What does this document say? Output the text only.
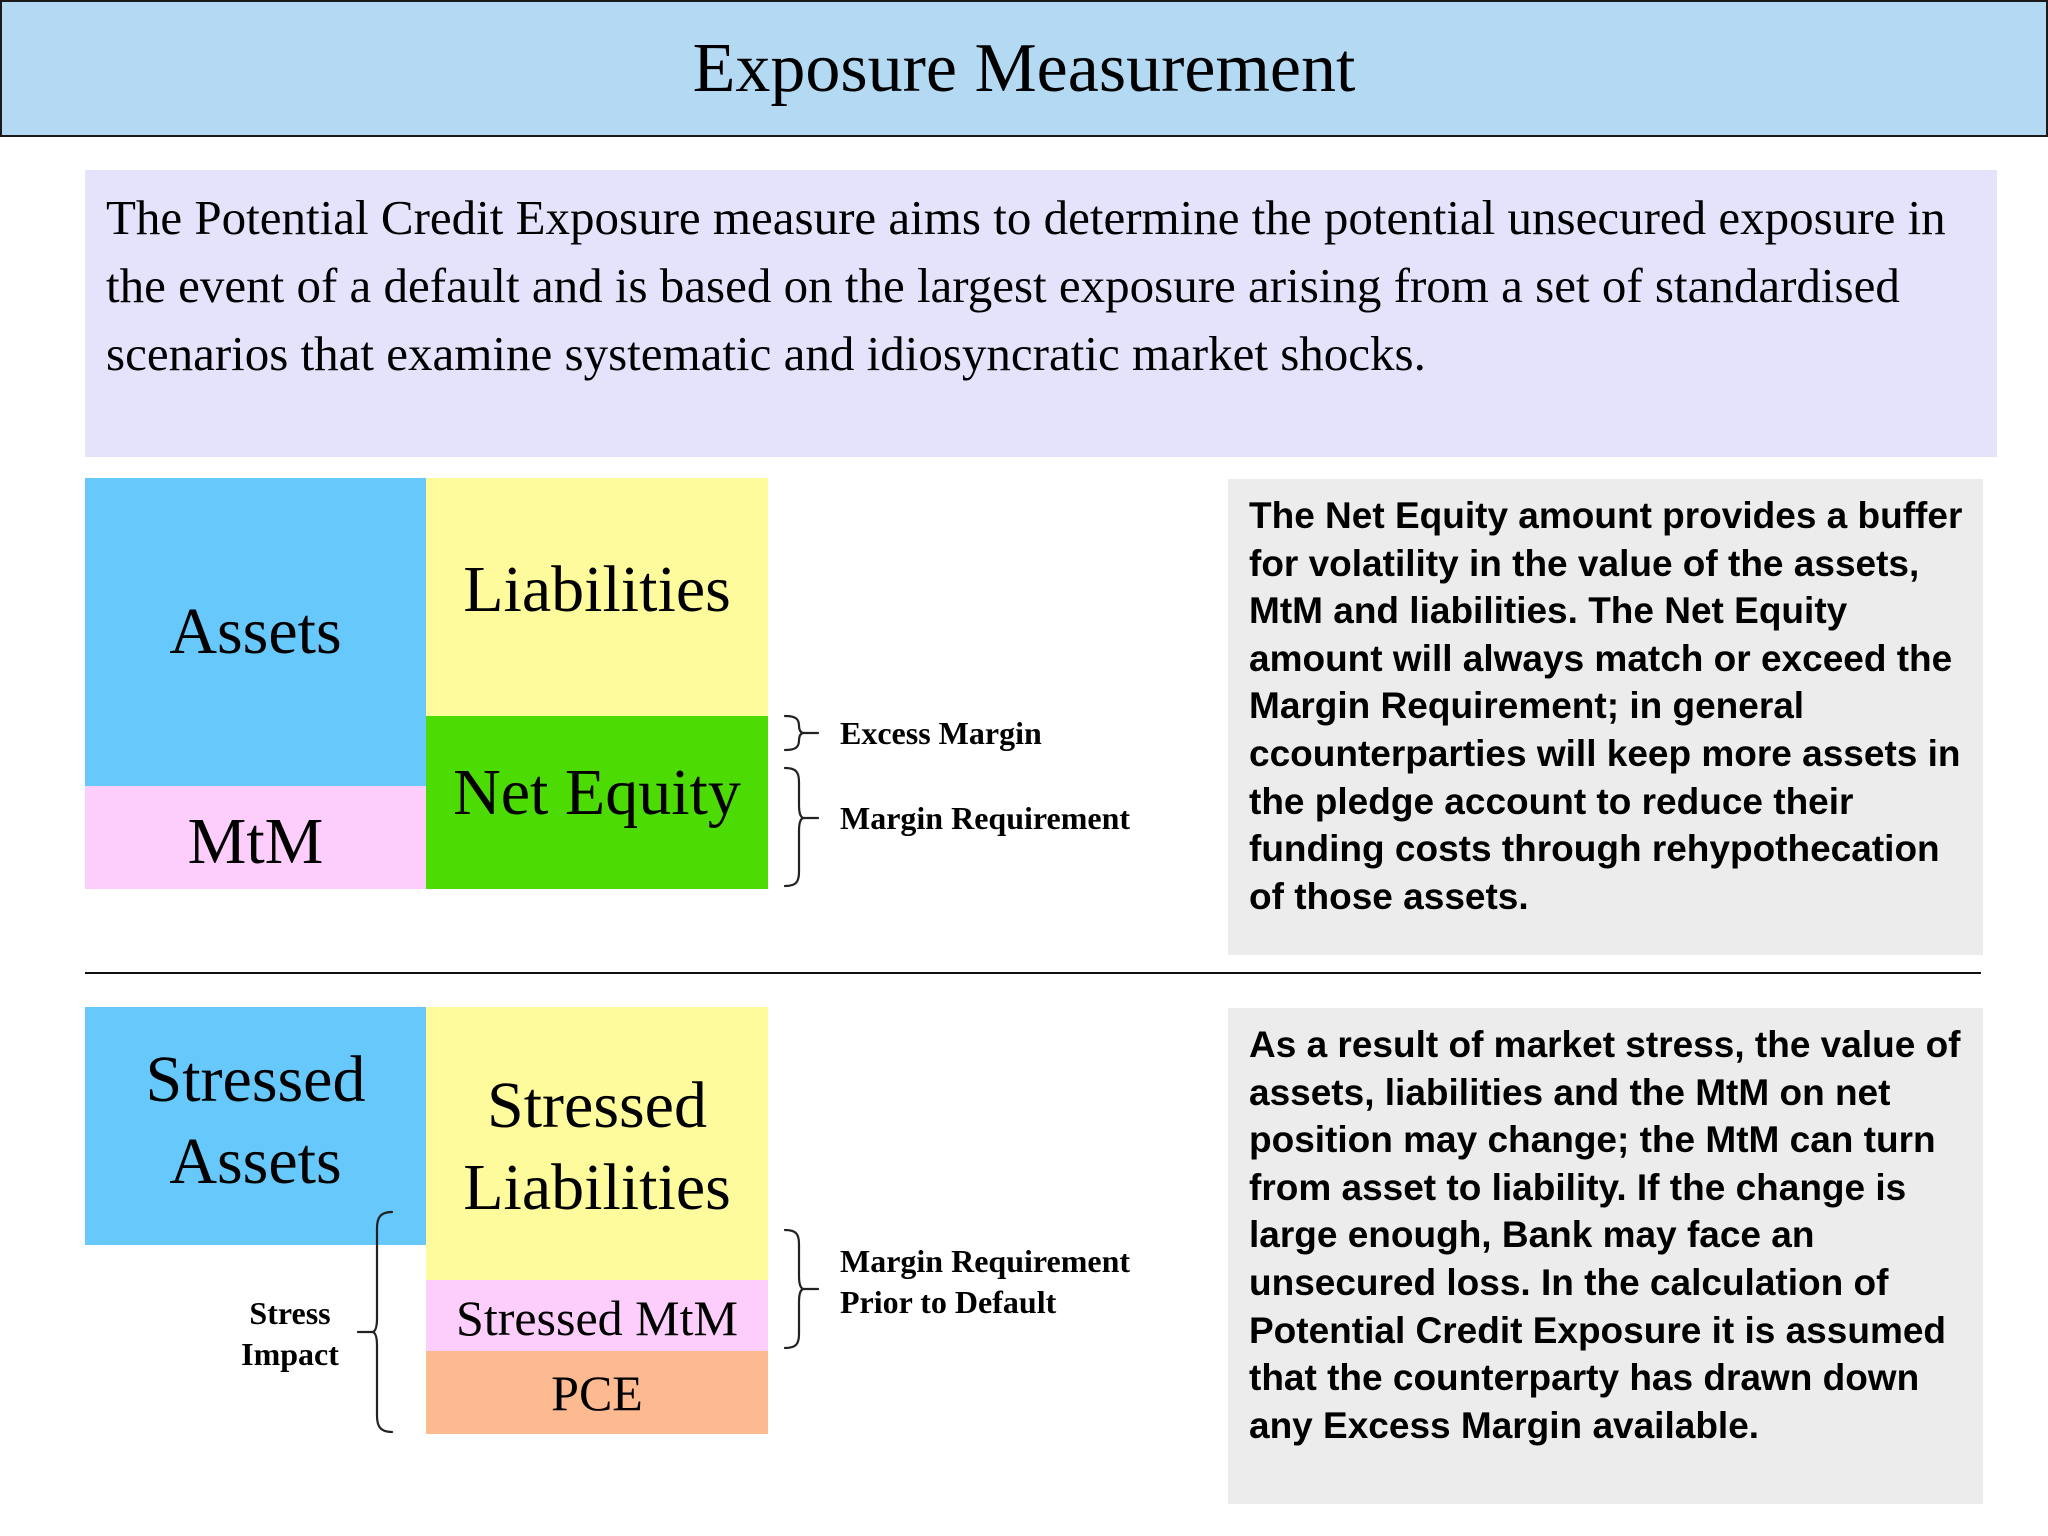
Exposure Measurement
The Potential Credit Exposure measure aims to determine the potential unsecured exposure in the event of a default and is based on the largest exposure arising from a set of standardised scenarios that examine systematic and idiosyncratic market shocks.
Assets
MtM
Liabilities
Net Equity
Excess Margin
Margin Requirement
The Net Equity amount provides a buffer for volatility in the value of the assets, MtM and liabilities. The Net Equity amount will always match or exceed the Margin Requirement; in general ccounterparties will keep more assets in the pledge account to reduce their funding costs through rehypothecation of those assets.
Stressed
Assets
Stressed
Liabilities
Stressed MtM
PCE
Margin Requirement
Prior to Default
Stress
Impact
As a result of market stress, the value of assets, liabilities and the MtM on net position may change; the MtM can turn from asset to liability. If the change is large enough, Bank may face an unsecured loss. In the calculation of Potential Credit Exposure it is assumed that the counterparty has drawn down any Excess Margin available.
